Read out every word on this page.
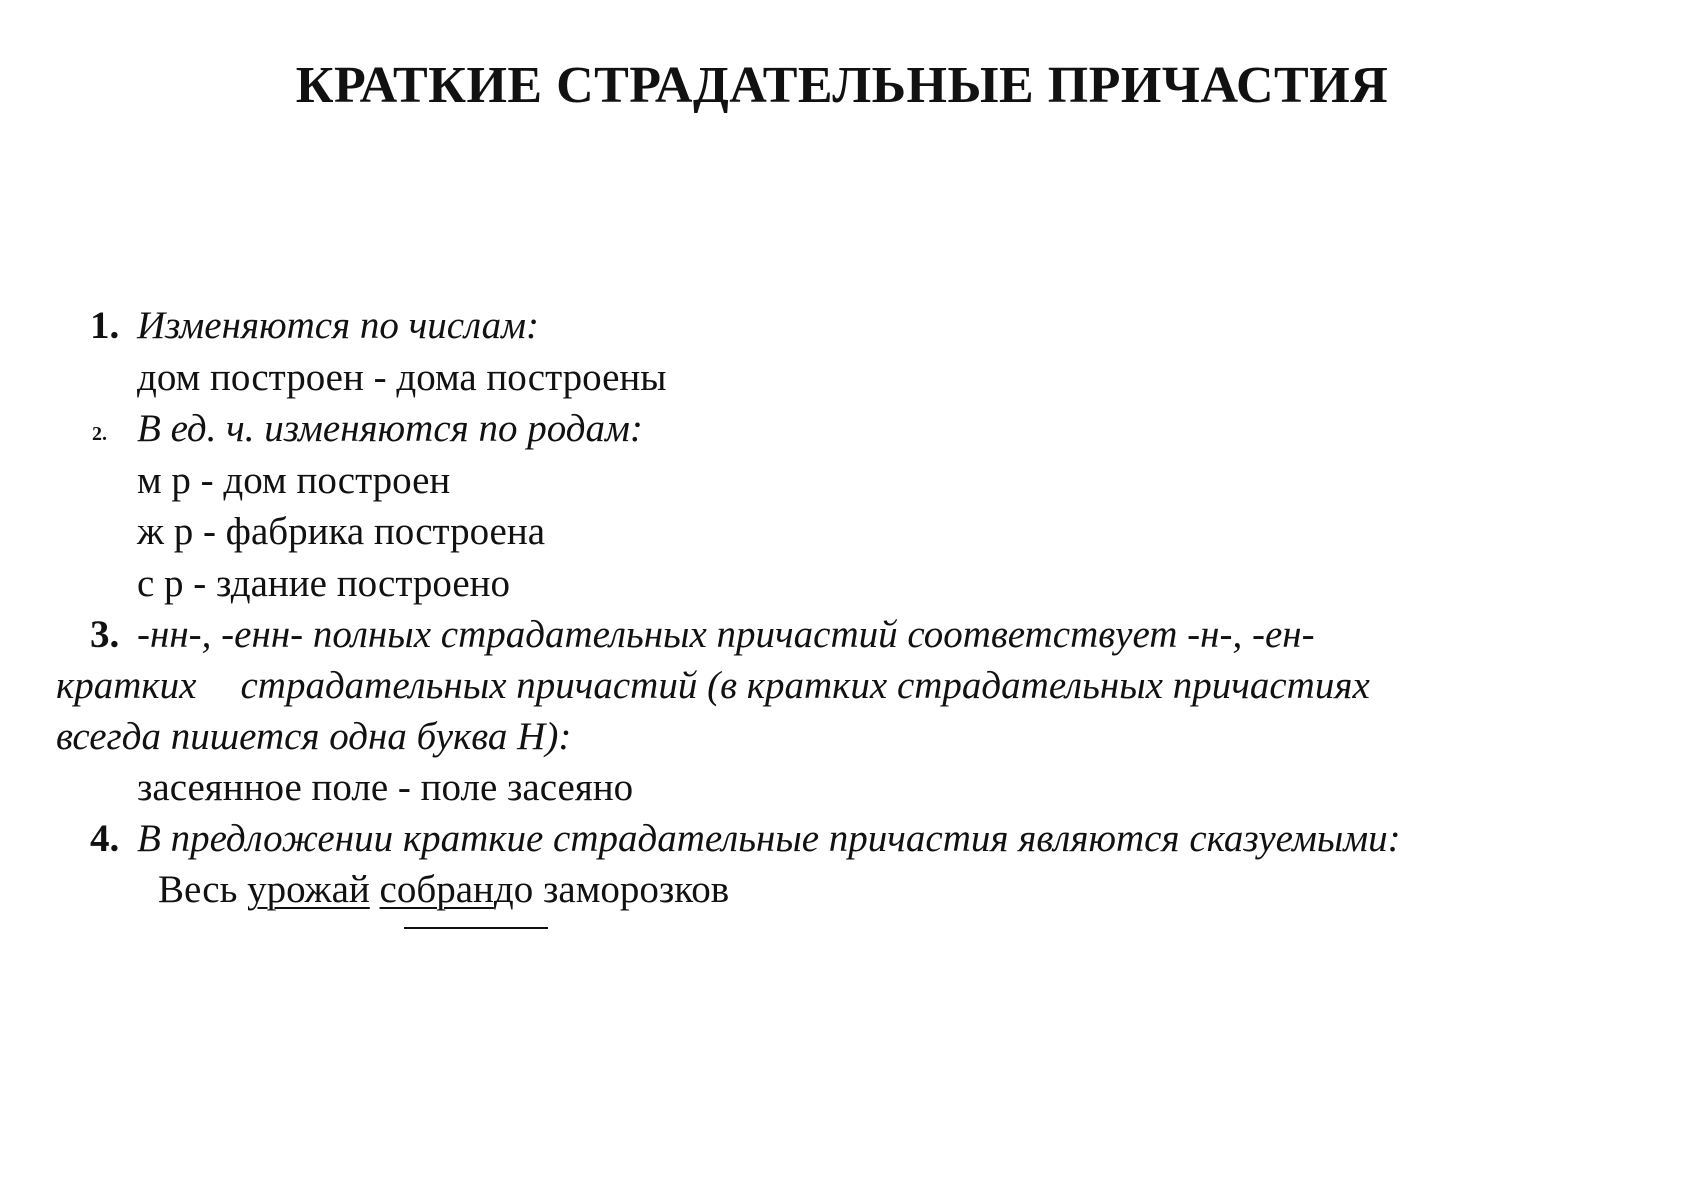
КРАТКИЕ СТРАДАТЕЛЬНЫЕ ПРИЧАСТИЯ
1. Изменяются по числам:
дом построен - дома построены
2. В ед. ч. изменяются по родам:
м р - дом построен
ж р - фабрика построена
с р - здание построено
3. -нн-, -енн- полных страдательных причастий соответствует -н-, -ен-
кратких страдательных причастий (в кратких страдательных причастиях
всегда пишется одна буква Н):
засеянное поле - поле засеяно
4. В предложении краткие страдательные причастия являются сказуемыми:
Весь урожай собрандо заморозков
